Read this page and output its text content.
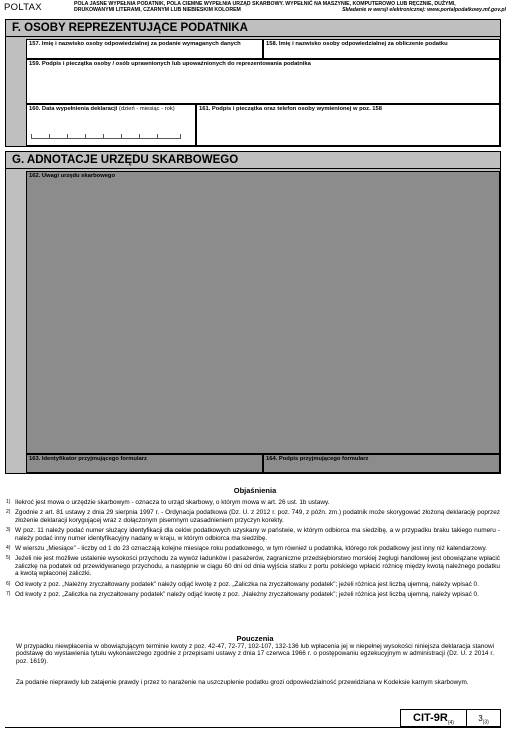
POLTAX	POLA JASNE WYPEŁNIA PODATNIK, POLA CIEMNE WYPEŁNIA URZĄD SKARBOWY. WYPEŁNIĆ NA MASZYNIE, KOMPUTEROWO LUB RĘCZNIE, DUŻYMI,
DRUKOWANYMI LITERAMI, CZARNYM LUB NIEBIESKIM KOLOREM	Składanie w wersji elektronicznej: www.portalpodatkowy.mf.gov.pl
F. OSOBY REPREZENTUJĄCE PODATNIKA
157. Imię i nazwisko osoby odpowiedzialnej za podanie wymaganych danych	158. Imię i nazwisko osoby odpowiedzialnej za obliczenie podatku
159. Podpis i pieczątka osoby / osób uprawnionych lub upoważnionych do reprezentowania podatnika
160. Data wypełnienia deklaracji (dzień - miesiąc - rok)	161. Podpis i pieczątka oraz telefon osoby wymienionej w poz. 158
G. ADNOTACJE URZĘDU SKARBOWEGO
162. Uwagi urzędu skarbowego
163. Identyfikator przyjmującego formularz	164. Podpis przyjmującego formularz
Objaśnienia
1) Ilekroć jest mowa o urzędzie skarbowym - oznacza to urząd skarbowy, o którym mowa w art. 26 ust. 1b ustawy.
2) Zgodnie z art. 81 ustawy z dnia 29 sierpnia 1997 r. - Ordynacja podatkowa (Dz. U. z 2012 r. poz. 749, z późn. zm.) podatnik może skorygować złożoną deklarację poprzez złożenie deklaracji korygującej wraz z dołączonym pisemnym uzasadnieniem przyczyn korekty.
3) W poz. 11 należy podać numer służący identyfikacji dla celów podatkowych uzyskany w państwie, w którym odbiorca ma siedzibę, a w przypadku braku takiego numeru - należy podać inny numer identyfikacyjny nadany w kraju, w którym odbiorca ma siedzibę.
4) W wierszu „Miesiące” - liczby od 1 do 23 oznaczają kolejne miesiące roku podatkowego, w tym również u podatnika, którego rok podatkowy jest inny niż kalendarzowy.
5) Jeżeli nie jest możliwe ustalenie wysokości przychodu za wywóz ładunków i pasażerów, zagraniczne przedsiębiorstwo morskiej żeglugi handlowej jest obowiązane wpłacić zaliczkę na podatek od przewidywanego przychodu, a następnie w ciągu 60 dni od dnia wyjścia statku z portu polskiego wpłacić różnicę między kwotą należnego podatku a kwotą wpłaconej zaliczki.
6) Od kwoty z poz. „Należny zryczałtowany podatek” należy odjąć kwotę z poz. „Zaliczka na zryczałtowany podatek”; jeżeli różnica jest liczbą ujemną, należy wpisać 0.
7) Od kwoty z poz. „Zaliczka na zryczałtowany podatek” należy odjąć kwotę z poz. „Należny zryczałtowany podatek”; jeżeli różnica jest liczbą ujemną, należy wpisać 0.
Pouczenia
W przypadku niewpłacenia w obowiązującym terminie kwoty z poz. 42-47, 72-77, 102-107, 132-136 lub wpłacenia jej w niepełnej wysokości niniejsza deklaracja stanowi podstawę do wystawienia tytułu wykonawczego zgodnie z przepisami ustawy z dnia 17 czerwca 1966 r. o postępowaniu egzekucyjnym w administracji (Dz. U. z 2014 r. poz. 1619).
Za podanie nieprawdy lub zatajenie prawdy i przez to narażenie na uszczuplenie podatku grozi odpowiedzialność przewidziana w Kodeksie karnym skarbowym.
CIT-$9R_{(4)}$
$3_{(3)}$
